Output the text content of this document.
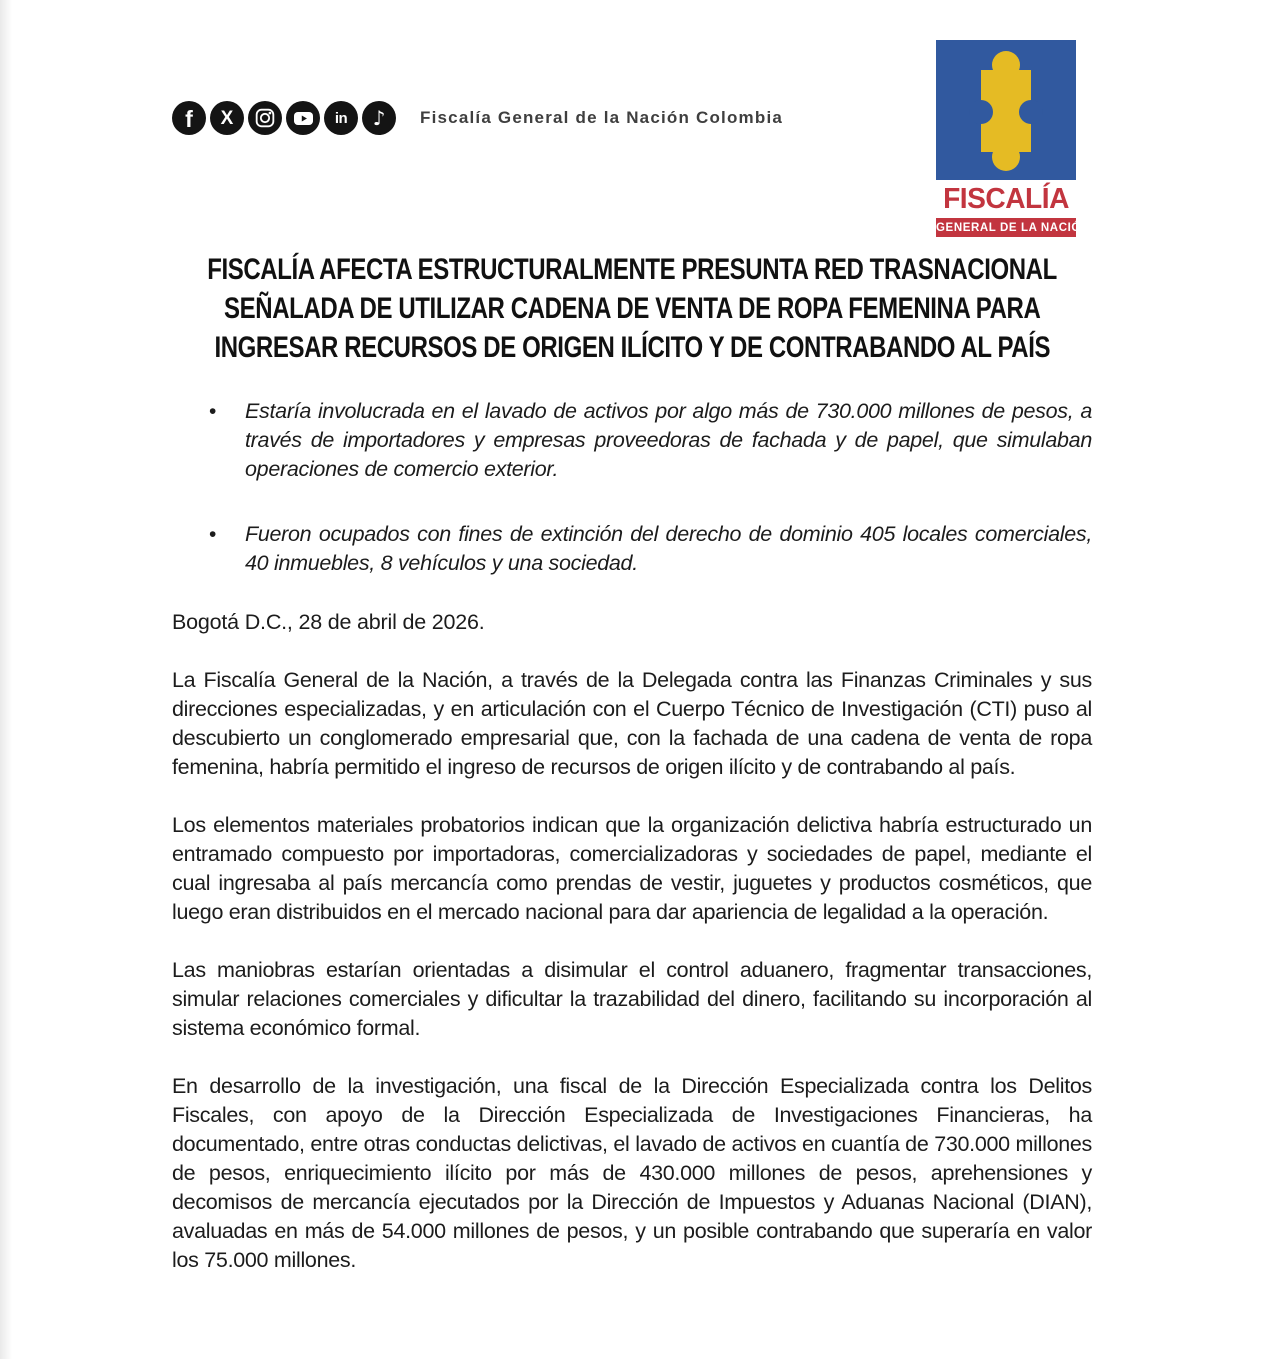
f X	in ♪ Fiscalía General de la Nación Colombia
FISCALÍA
GENERAL DE LA NACIÓN
FISCALÍA AFECTA ESTRUCTURALMENTE PRESUNTA RED TRASNACIONAL
SEÑALADA DE UTILIZAR CADENA DE VENTA DE ROPA FEMENINA PARA
INGRESAR RECURSOS DE ORIGEN ILÍCITO Y DE CONTRABANDO AL PAÍS
•	Estaría involucrada en el lavado de activos por algo más de 730.000 millones de pesos, a través de importadores y empresas proveedoras de fachada y de papel, que simulaban operaciones de comercio exterior.

•	Fueron ocupados con fines de extinción del derecho de dominio 405 locales comerciales, 40 inmuebles, 8 vehículos y una sociedad.

Bogotá D.C., 28 de abril de 2026.

La Fiscalía General de la Nación, a través de la Delegada contra las Finanzas Criminales y sus direcciones especializadas, y en articulación con el Cuerpo Técnico de Investigación (CTI) puso al descubierto un conglomerado empresarial que, con la fachada de una cadena de venta de ropa femenina, habría permitido el ingreso de recursos de origen ilícito y de contrabando al país.

Los elementos materiales probatorios indican que la organización delictiva habría estructurado un entramado compuesto por importadoras, comercializadoras y sociedades de papel, mediante el cual ingresaba al país mercancía como prendas de vestir, juguetes y productos cosméticos, que luego eran distribuidos en el mercado nacional para dar apariencia de legalidad a la operación.

Las maniobras estarían orientadas a disimular el control aduanero, fragmentar transacciones, simular relaciones comerciales y dificultar la trazabilidad del dinero, facilitando su incorporación al sistema económico formal.

En desarrollo de la investigación, una fiscal de la Dirección Especializada contra los Delitos Fiscales, con apoyo de la Dirección Especializada de Investigaciones Financieras, ha documentado, entre otras conductas delictivas, el lavado de activos en cuantía de 730.000 millones de pesos, enriquecimiento ilícito por más de 430.000 millones de pesos, aprehensiones y decomisos de mercancía ejecutados por la Dirección de Impuestos y Aduanas Nacional (DIAN), avaluadas en más de 54.000 millones de pesos, y un posible contrabando que superaría en valor los 75.000 millones.
